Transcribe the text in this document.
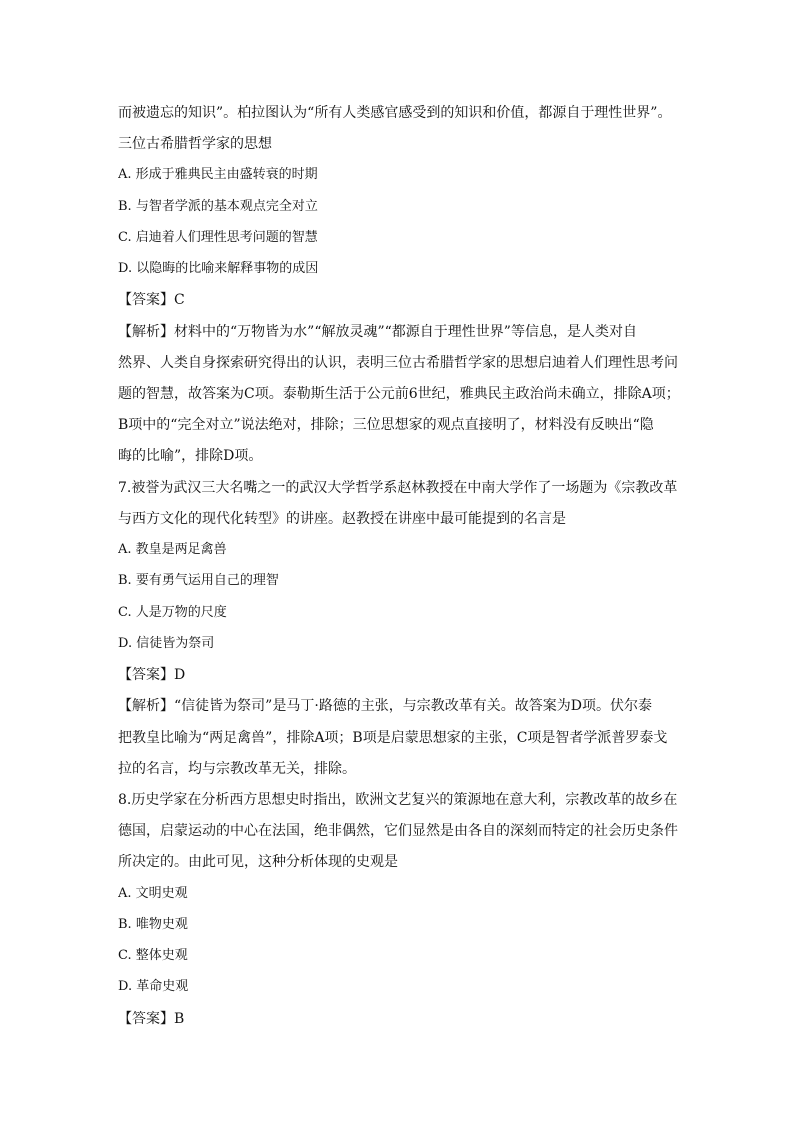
而被遗忘的知识”。柏拉图认为“所有人类感官感受到的知识和价值，都源自于理性世界”。
三位古希腊哲学家的思想
A. 形成于雅典民主由盛转衰的时期
B. 与智者学派的基本观点完全对立
C. 启迪着人们理性思考问题的智慧
D. 以隐晦的比喻来解释事物的成因
【答案】C
【解析】材料中的“万物皆为水”“解放灵魂”“都源自于理性世界”等信息，是人类对自
然界、人类自身探索研究得出的认识，表明三位古希腊哲学家的思想启迪着人们理性思考问
题的智慧，故答案为C项。泰勒斯生活于公元前6世纪，雅典民主政治尚未确立，排除A项；
B项中的“完全对立”说法绝对，排除；三位思想家的观点直接明了，材料没有反映出“隐
晦的比喻”，排除D项。
7.被誉为武汉三大名嘴之一的武汉大学哲学系赵林教授在中南大学作了一场题为《宗教改革
与西方文化的现代化转型》的讲座。赵教授在讲座中最可能提到的名言是
A. 教皇是两足禽兽
B. 要有勇气运用自己的理智
C. 人是万物的尺度
D. 信徒皆为祭司
【答案】D
【解析】“信徒皆为祭司”是马丁·路德的主张，与宗教改革有关。故答案为D项。伏尔泰
把教皇比喻为“两足禽兽”，排除A项；B项是启蒙思想家的主张，C项是智者学派普罗泰戈
拉的名言，均与宗教改革无关，排除。
8.历史学家在分析西方思想史时指出，欧洲文艺复兴的策源地在意大利，宗教改革的故乡在
德国，启蒙运动的中心在法国，绝非偶然，它们显然是由各自的深刻而特定的社会历史条件
所决定的。由此可见，这种分析体现的史观是
A. 文明史观
B. 唯物史观
C. 整体史观
D. 革命史观
【答案】B
